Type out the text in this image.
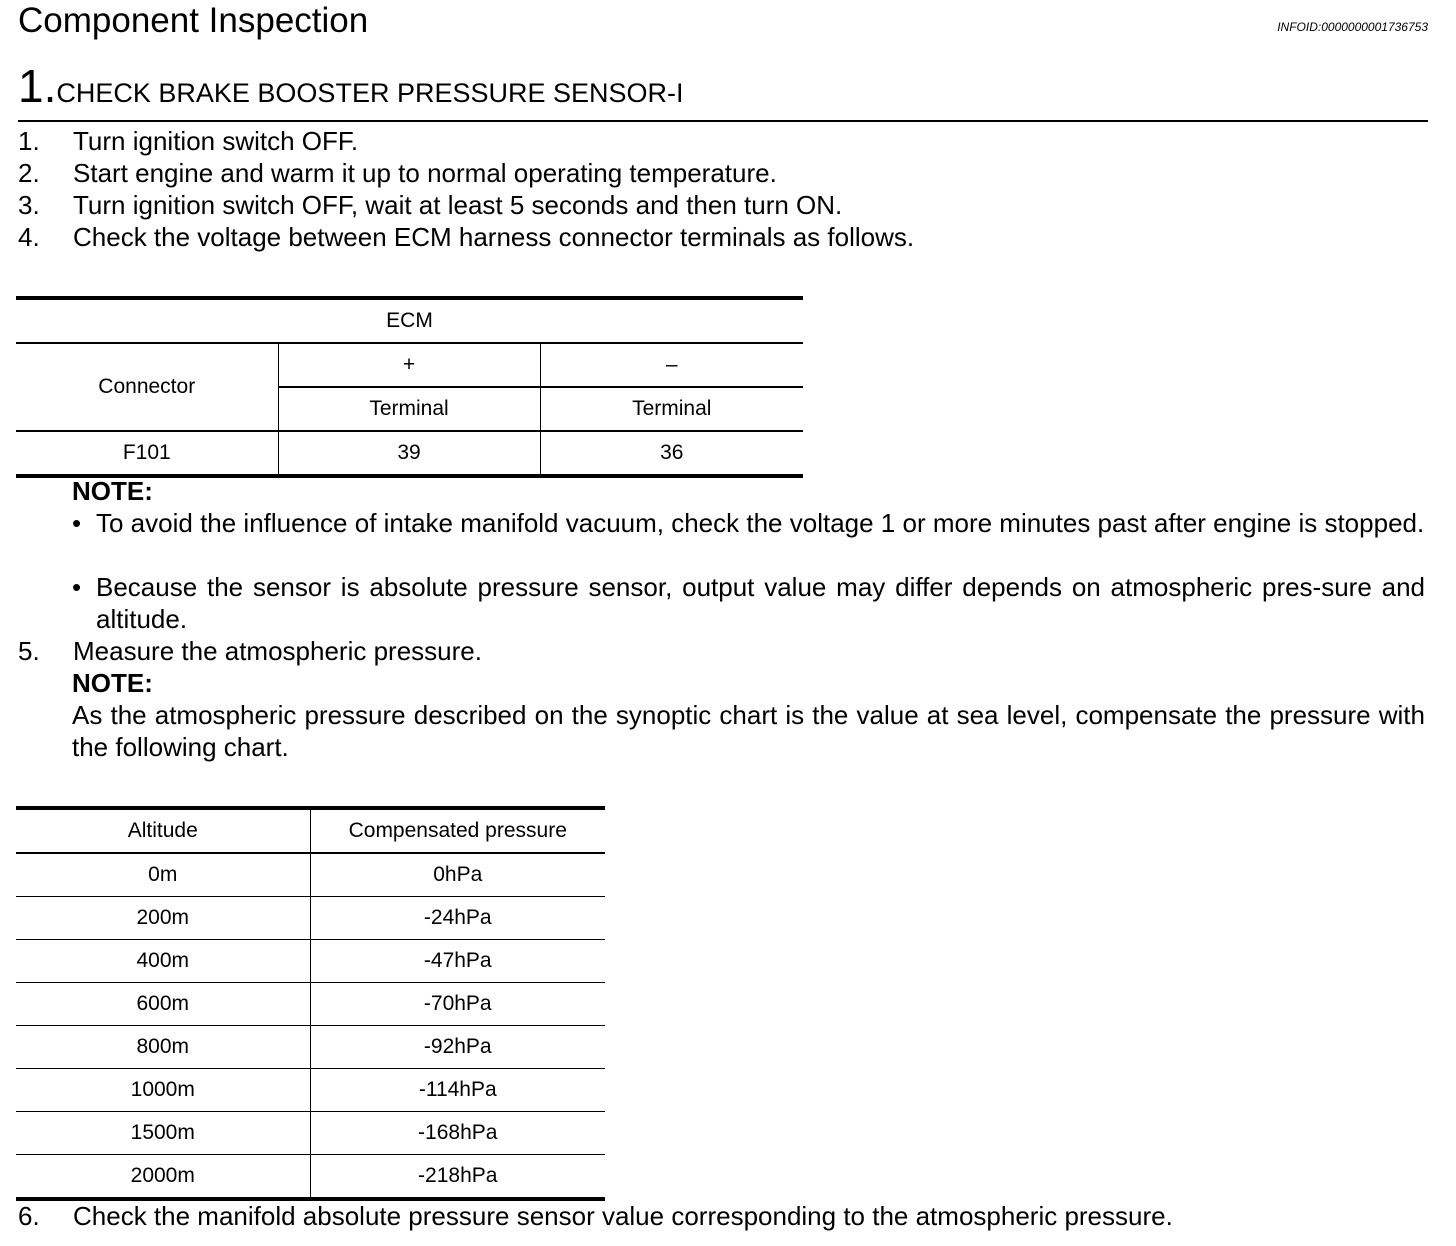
Component Inspection	INFOID:0000000001736753
1.CHECK BRAKE BOOSTER PRESSURE SENSOR-I
1. Turn ignition switch OFF.
2. Start engine and warm it up to normal operating temperature.
3. Turn ignition switch OFF, wait at least 5 seconds and then turn ON.
4. Check the voltage between ECM harness connector terminals as follows.
ECM		
Connector	+	–
	Terminal	Terminal
F101	39	36
NOTE:
• To avoid the influence of intake manifold vacuum, check the voltage 1 or more minutes past after engine is stopped.
• Because the sensor is absolute pressure sensor, output value may differ depends on atmospheric pres-sure and altitude.
5. Measure the atmospheric pressure.
NOTE:
As the atmospheric pressure described on the synoptic chart is the value at sea level, compensate the pressure with the following chart.
Altitude	Compensated pressure
0m	0hPa
200m	-24hPa
400m	-47hPa
600m	-70hPa
800m	-92hPa
1000m	-114hPa
1500m	-168hPa
2000m	-218hPa
6. Check the manifold absolute pressure sensor value corresponding to the atmospheric pressure.
